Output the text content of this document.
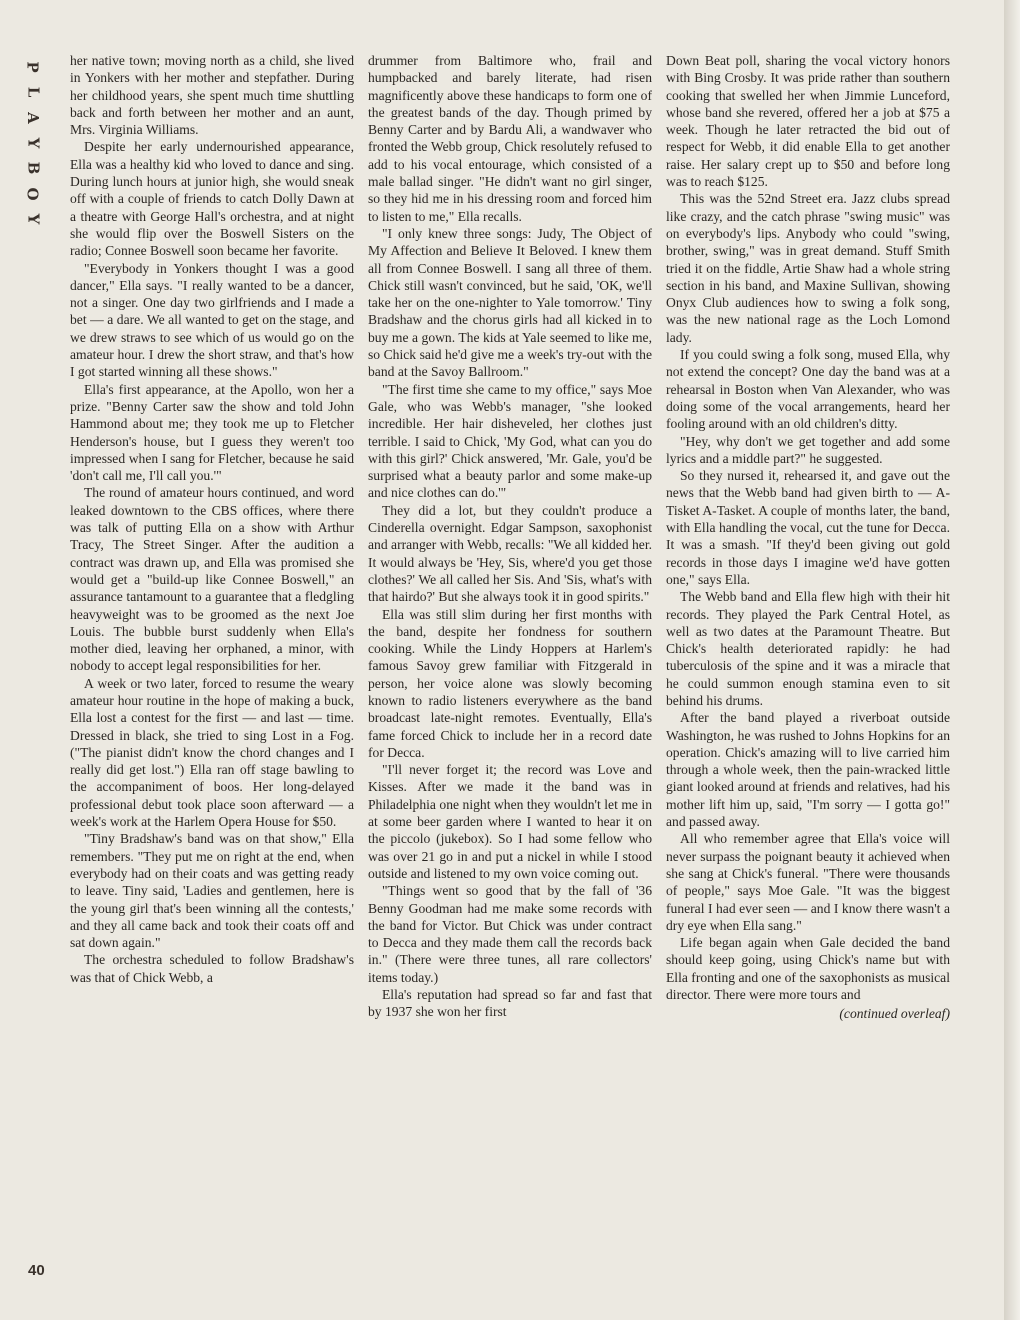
P
L
A
Y
B
O
Y

her native town; moving north as a child, she lived in Yonkers with her mother and stepfather. During her childhood years, she spent much time shuttling back and forth between her mother and an aunt, Mrs. Virginia Williams.

Despite her early undernourished appearance, Ella was a healthy kid who loved to dance and sing. During lunch hours at junior high, she would sneak off with a couple of friends to catch Dolly Dawn at a theatre with George Hall's orchestra, and at night she would flip over the Boswell Sisters on the radio; Connee Boswell soon became her favorite.

"Everybody in Yonkers thought I was a good dancer," Ella says. "I really wanted to be a dancer, not a singer. One day two girlfriends and I made a bet — a dare. We all wanted to get on the stage, and we drew straws to see which of us would go on the amateur hour. I drew the short straw, and that's how I got started winning all these shows."

Ella's first appearance, at the Apollo, won her a prize. "Benny Carter saw the show and told John Hammond about me; they took me up to Fletcher Henderson's house, but I guess they weren't too impressed when I sang for Fletcher, because he said 'don't call me, I'll call you.'"

The round of amateur hours continued, and word leaked downtown to the CBS offices, where there was talk of putting Ella on a show with Arthur Tracy, The Street Singer. After the audition a contract was drawn up, and Ella was promised she would get a "build-up like Connee Boswell," an assurance tantamount to a guarantee that a fledgling heavyweight was to be groomed as the next Joe Louis. The bubble burst suddenly when Ella's mother died, leaving her orphaned, a minor, with nobody to accept legal responsibilities for her.

A week or two later, forced to resume the weary amateur hour routine in the hope of making a buck, Ella lost a contest for the first — and last — time. Dressed in black, she tried to sing Lost in a Fog. ("The pianist didn't know the chord changes and I really did get lost.") Ella ran off stage bawling to the accompaniment of boos. Her long-delayed professional debut took place soon afterward — a week's work at the Harlem Opera House for $50.

"Tiny Bradshaw's band was on that show," Ella remembers. "They put me on right at the end, when everybody had on their coats and was getting ready to leave. Tiny said, 'Ladies and gentlemen, here is the young girl that's been winning all the contests,' and they all came back and took their coats off and sat down again."

The orchestra scheduled to follow Bradshaw's was that of Chick Webb, a

drummer from Baltimore who, frail and humpbacked and barely literate, had risen magnificently above these handicaps to form one of the greatest bands of the day. Though primed by Benny Carter and by Bardu Ali, a wandwaver who fronted the Webb group, Chick resolutely refused to add to his vocal entourage, which consisted of a male ballad singer. "He didn't want no girl singer, so they hid me in his dressing room and forced him to listen to me," Ella recalls.

"I only knew three songs: Judy, The Object of My Affection and Believe It Beloved. I knew them all from Connee Boswell. I sang all three of them. Chick still wasn't convinced, but he said, 'OK, we'll take her on the one-nighter to Yale tomorrow.' Tiny Bradshaw and the chorus girls had all kicked in to buy me a gown. The kids at Yale seemed to like me, so Chick said he'd give me a week's try-out with the band at the Savoy Ballroom."

"The first time she came to my office," says Moe Gale, who was Webb's manager, "she looked incredible. Her hair disheveled, her clothes just terrible. I said to Chick, 'My God, what can you do with this girl?' Chick answered, 'Mr. Gale, you'd be surprised what a beauty parlor and some make-up and nice clothes can do.'"

They did a lot, but they couldn't produce a Cinderella overnight. Edgar Sampson, saxophonist and arranger with Webb, recalls: "We all kidded her. It would always be 'Hey, Sis, where'd you get those clothes?' We all called her Sis. And 'Sis, what's with that hairdo?' But she always took it in good spirits."

Ella was still slim during her first months with the band, despite her fondness for southern cooking. While the Lindy Hoppers at Harlem's famous Savoy grew familiar with Fitzgerald in person, her voice alone was slowly becoming known to radio listeners everywhere as the band broadcast late-night remotes. Eventually, Ella's fame forced Chick to include her in a record date for Decca.

"I'll never forget it; the record was Love and Kisses. After we made it the band was in Philadelphia one night when they wouldn't let me in at some beer garden where I wanted to hear it on the piccolo (jukebox). So I had some fellow who was over 21 go in and put a nickel in while I stood outside and listened to my own voice coming out.

"Things went so good that by the fall of '36 Benny Goodman had me make some records with the band for Victor. But Chick was under contract to Decca and they made them call the records back in." (There were three tunes, all rare collectors' items today.)

Ella's reputation had spread so far and fast that by 1937 she won her first

Down Beat poll, sharing the vocal victory honors with Bing Crosby. It was pride rather than southern cooking that swelled her when Jimmie Lunceford, whose band she revered, offered her a job at $75 a week. Though he later retracted the bid out of respect for Webb, it did enable Ella to get another raise. Her salary crept up to $50 and before long was to reach $125.

This was the 52nd Street era. Jazz clubs spread like crazy, and the catch phrase "swing music" was on everybody's lips. Anybody who could "swing, brother, swing," was in great demand. Stuff Smith tried it on the fiddle, Artie Shaw had a whole string section in his band, and Maxine Sullivan, showing Onyx Club audiences how to swing a folk song, was the new national rage as the Loch Lomond lady.

If you could swing a folk song, mused Ella, why not extend the concept? One day the band was at a rehearsal in Boston when Van Alexander, who was doing some of the vocal arrangements, heard her fooling around with an old children's ditty.

"Hey, why don't we get together and add some lyrics and a middle part?" he suggested.

So they nursed it, rehearsed it, and gave out the news that the Webb band had given birth to — A-Tisket A-Tasket. A couple of months later, the band, with Ella handling the vocal, cut the tune for Decca. It was a smash. "If they'd been giving out gold records in those days I imagine we'd have gotten one," says Ella.

The Webb band and Ella flew high with their hit records. They played the Park Central Hotel, as well as two dates at the Paramount Theatre. But Chick's health deteriorated rapidly: he had tuberculosis of the spine and it was a miracle that he could summon enough stamina even to sit behind his drums.

After the band played a riverboat outside Washington, he was rushed to Johns Hopkins for an operation. Chick's amazing will to live carried him through a whole week, then the pain-wracked little giant looked around at friends and relatives, had his mother lift him up, said, "I'm sorry — I gotta go!" and passed away.

All who remember agree that Ella's voice will never surpass the poignant beauty it achieved when she sang at Chick's funeral. "There were thousands of people," says Moe Gale. "It was the biggest funeral I had ever seen — and I know there wasn't a dry eye when Ella sang."

Life began again when Gale decided the band should keep going, using Chick's name but with Ella fronting and one of the saxophonists as musical director. There were more tours and

(continued overleaf)
40
